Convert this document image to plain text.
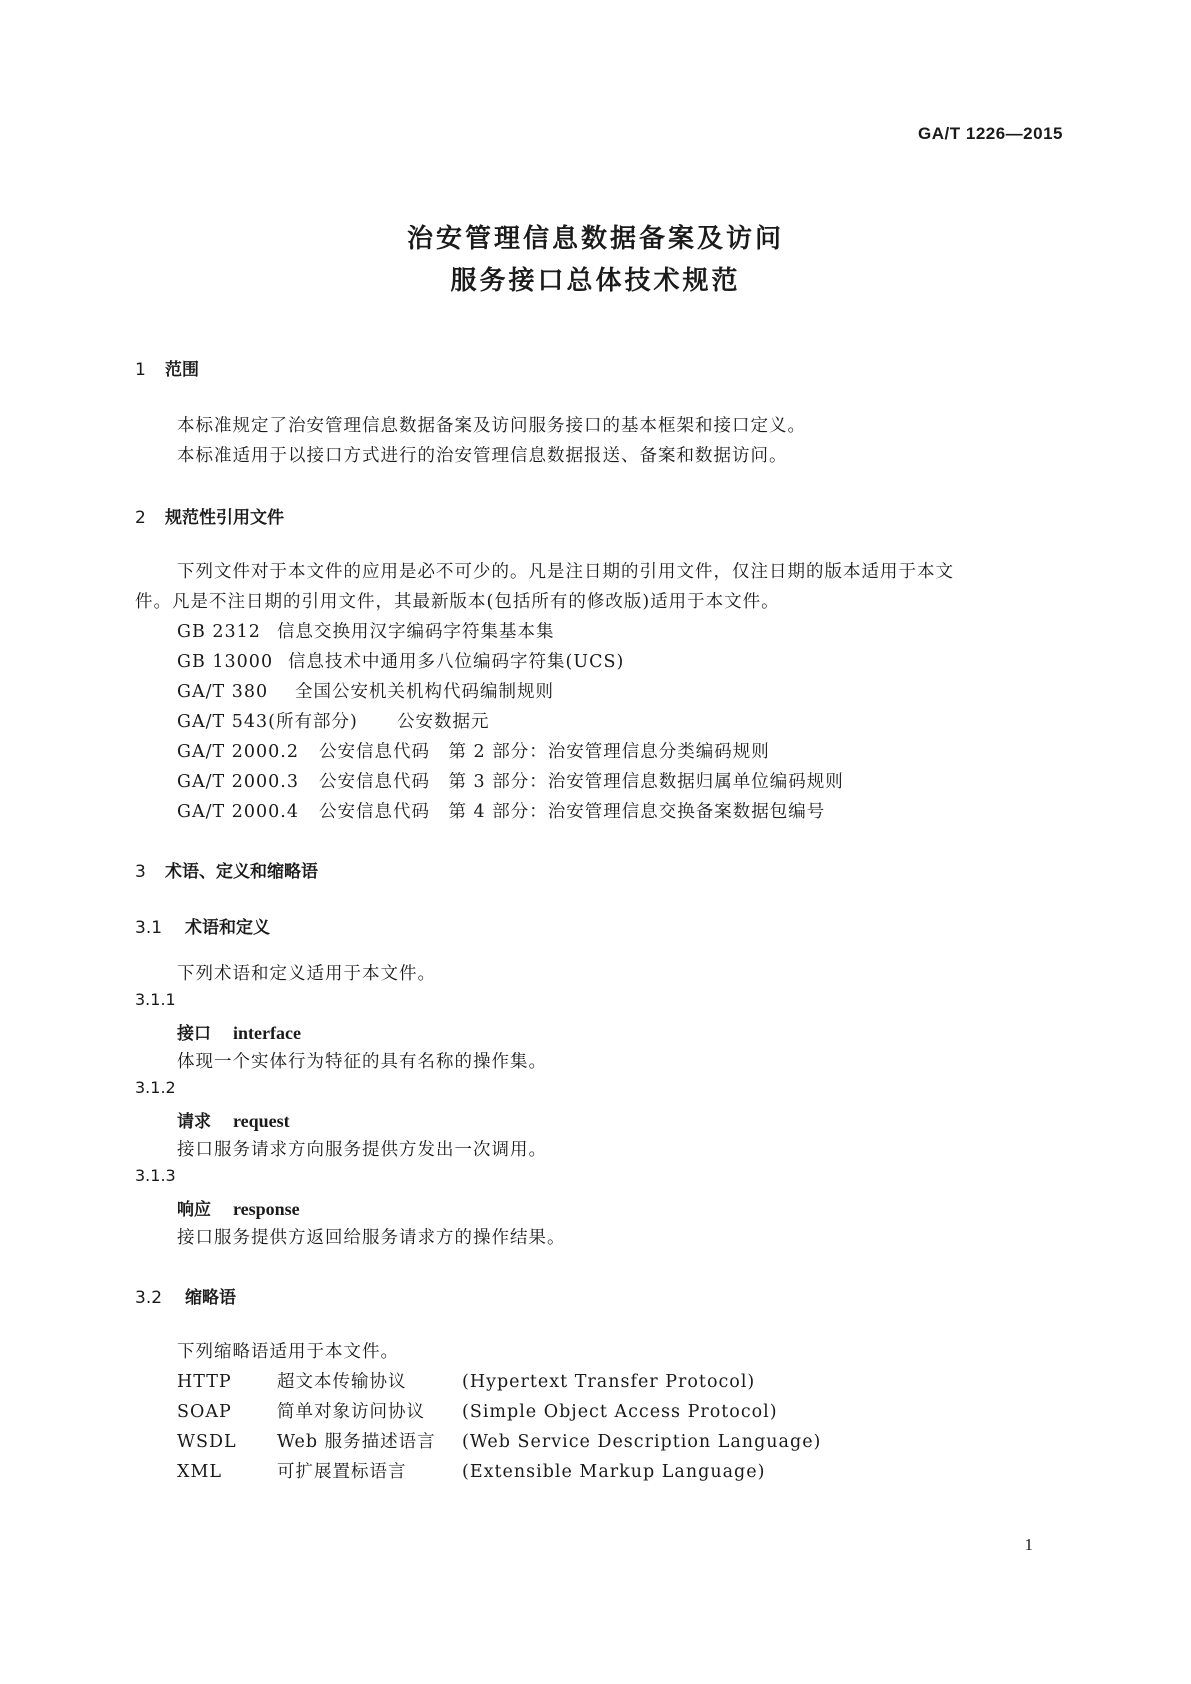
GA/T 1226—2015
治安管理信息数据备案及访问
服务接口总体技术规范
1 范围
本标准规定了治安管理信息数据备案及访问服务接口的基本框架和接口定义。
本标准适用于以接口方式进行的治安管理信息数据报送、备案和数据访问。
2 规范性引用文件
下列文件对于本文件的应用是必不可少的。凡是注日期的引用文件，仅注日期的版本适用于本文
件。凡是不注日期的引用文件，其最新版本(包括所有的修改版)适用于本文件。
GB 2312 信息交换用汉字编码字符集基本集
GB 13000 信息技术中通用多八位编码字符集(UCS)
GA/T 380 全国公安机关机构代码编制规则
GA/T 543(所有部分) 公安数据元
GA/T 2000.2 公安信息代码　第 2 部分：治安管理信息分类编码规则
GA/T 2000.3 公安信息代码　第 3 部分：治安管理信息数据归属单位编码规则
GA/T 2000.4 公安信息代码　第 4 部分：治安管理信息交换备案数据包编号
3 术语、定义和缩略语
3.1 术语和定义
下列术语和定义适用于本文件。
3.1.1
接口 interface
体现一个实体行为特征的具有名称的操作集。
3.1.2
请求 request
接口服务请求方向服务提供方发出一次调用。
3.1.3
响应 response
接口服务提供方返回给服务请求方的操作结果。
3.2 缩略语
下列缩略语适用于本文件。
HTTP	超文本传输协议	(Hypertext Transfer Protocol)
SOAP	简单对象访问协议 (Simple Object Access Protocol)
WSDL Web 服务描述语言 (Web Service Description Language)
XML	可扩展置标语言	(Extensible Markup Language)
1
